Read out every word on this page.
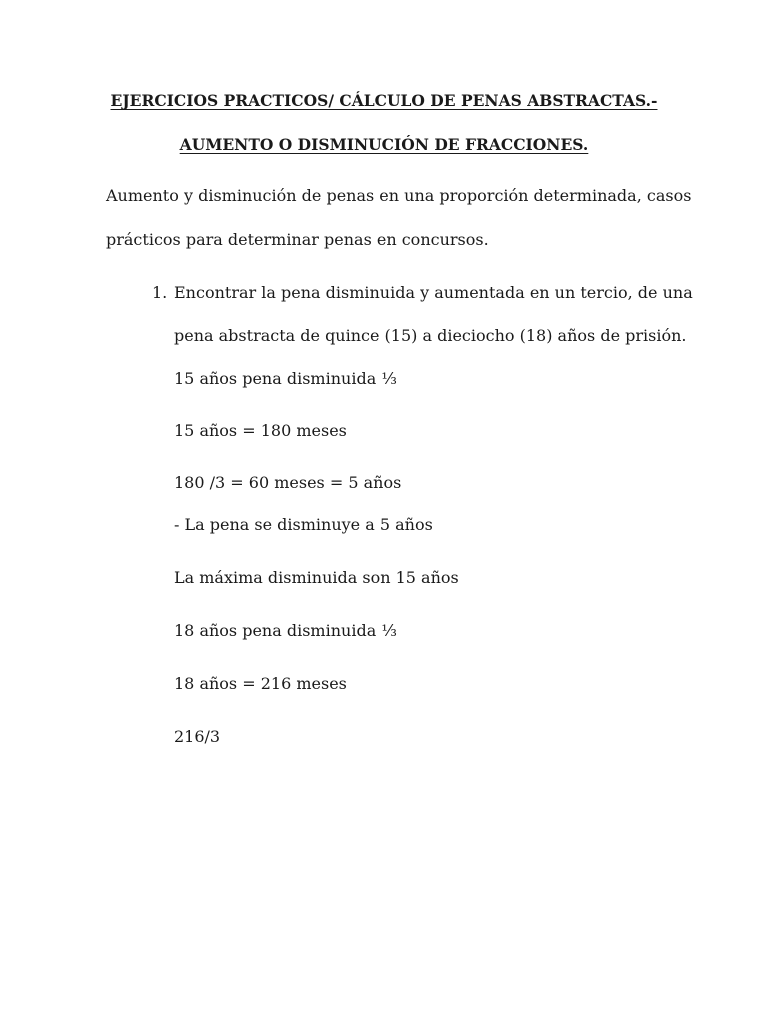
EJERCICIOS PRACTICOS/ CÁLCULO DE PENAS ABSTRACTAS.-
AUMENTO O DISMINUCIÓN DE FRACCIONES.
Aumento y disminución de penas en una proporción determinada, casos
prácticos para determinar penas en concursos.
1. Encontrar la pena disminuida y aumentada en un tercio, de una
pena abstracta de quince (15) a dieciocho (18) años de prisión.
15 años pena disminuida ⅓
15 años = 180 meses
180 /3 = 60 meses = 5 años
- La pena se disminuye a 5 años
La máxima disminuida son 15 años
18 años pena disminuida ⅓
18 años = 216 meses
216/3
